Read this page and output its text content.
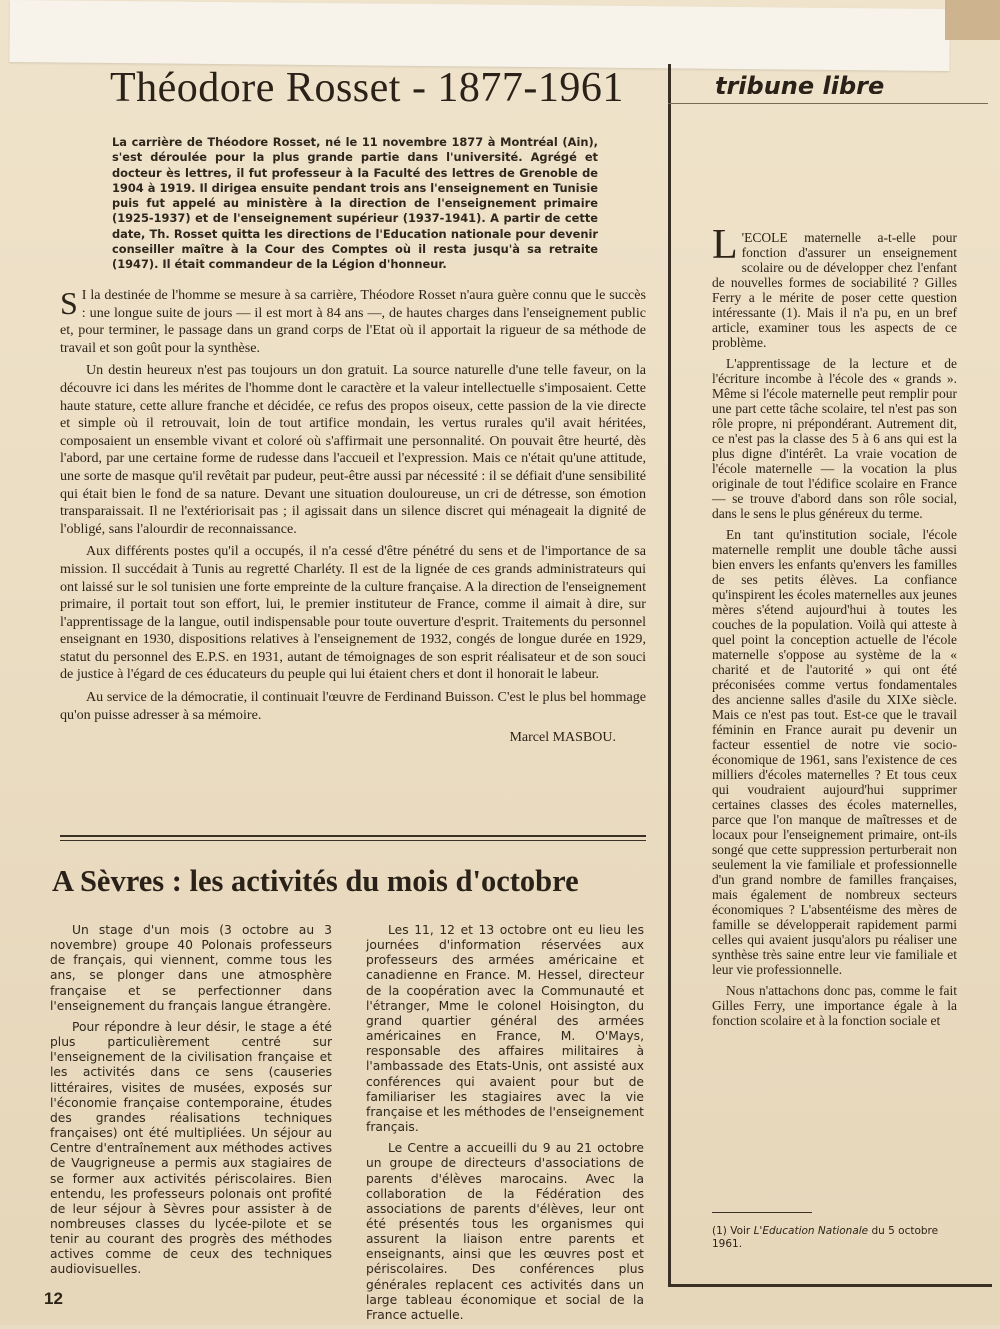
Théodore Rosset - 1877-1961	tribune libre

La carrière de Théodore Rosset, né le 11 novembre 1877 à Montréal (Ain), s'est déroulée pour la plus grande partie dans l'université. Agrégé et docteur ès lettres, il fut professeur à la Faculté des lettres de Grenoble de 1904 à 1919. Il dirigea ensuite pendant trois ans l'enseignement en Tunisie puis fut appelé au ministère à la direction de l'enseignement primaire (1925-1937) et de l'enseignement supérieur (1937-1941). A partir de cette date, Th. Rosset quitta les directions de l'Education nationale pour devenir conseiller maître à la Cour des Comptes où il resta jusqu'à sa retraite (1947). Il était commandeur de la Légion d'honneur.

S I la destinée de l'homme se mesure à sa carrière, Théodore Rosset n'aura guère connu que le succès : une longue suite de jours — il est mort à 84 ans —, de hautes charges dans l'enseignement public et, pour terminer, le passage dans un grand corps de l'Etat où il apportait la rigueur de sa méthode de travail et son goût pour la synthèse.

Un destin heureux n'est pas toujours un don gratuit. La source naturelle d'une telle faveur, on la découvre ici dans les mérites de l'homme dont le caractère et la valeur intellectuelle s'imposaient. Cette haute stature, cette allure franche et décidée, ce refus des propos oiseux, cette passion de la vie directe et simple où il retrouvait, loin de tout artifice mondain, les vertus rurales qu'il avait héritées, composaient un ensemble vivant et coloré où s'affirmait une personnalité. On pouvait être heurté, dès l'abord, par une certaine forme de rudesse dans l'accueil et l'expression. Mais ce n'était qu'une attitude, une sorte de masque qu'il revêtait par pudeur, peut-être aussi par nécessité : il se défiait d'une sensibilité qui était bien le fond de sa nature. Devant une situation douloureuse, un cri de détresse, son émotion transparaissait. Il ne l'extériorisait pas ; il agissait dans un silence discret qui ménageait la dignité de l'obligé, sans l'alourdir de reconnaissance.

Aux différents postes qu'il a occupés, il n'a cessé d'être pénétré du sens et de l'importance de sa mission. Il succédait à Tunis au regretté Charléty. Il est de la lignée de ces grands administrateurs qui ont laissé sur le sol tunisien une forte empreinte de la culture française. A la direction de l'enseignement primaire, il portait tout son effort, lui, le premier instituteur de France, comme il aimait à dire, sur l'apprentissage de la langue, outil indispensable pour toute ouverture d'esprit. Traitements du personnel enseignant en 1930, dispositions relatives à l'enseignement de 1932, congés de longue durée en 1929, statut du personnel des E.P.S. en 1931, autant de témoignages de son esprit réalisateur et de son souci de justice à l'égard de ces éducateurs du peuple qui lui étaient chers et dont il honorait le labeur.

Au service de la démocratie, il continuait l'œuvre de Ferdinand Buisson. C'est le plus bel hommage qu'on puisse adresser à sa mémoire.

Marcel MASBOU.
A Sèvres : les activités du mois d'octobre

Un stage d'un mois (3 octobre au 3 novembre) groupe 40 Polonais professeurs de français, qui viennent, comme tous les ans, se plonger dans une atmosphère française et se perfectionner dans l'enseignement du français langue étrangère.

Pour répondre à leur désir, le stage a été plus particulièrement centré sur l'enseignement de la civilisation française et les activités dans ce sens (causeries littéraires, visites de musées, exposés sur l'économie française contemporaine, études des grandes réalisations techniques françaises) ont été multipliées. Un séjour au Centre d'entraînement aux méthodes actives de Vaugrigneuse a permis aux stagiaires de se former aux activités périscolaires. Bien entendu, les professeurs polonais ont profité de leur séjour à Sèvres pour assister à de nombreuses classes du lycée-pilote et se tenir au courant des progrès des méthodes actives comme de ceux des techniques audiovisuelles.

Les 11, 12 et 13 octobre ont eu lieu les journées d'information réservées aux professeurs des armées américaine et canadienne en France. M. Hessel, directeur de la coopération avec la Communauté et l'étranger, Mme le colonel Hoisington, du grand quartier général des armées américaines en France, M. O'Mays, responsable des affaires militaires à l'ambassade des Etats-Unis, ont assisté aux conférences qui avaient pour but de familiariser les stagiaires avec la vie française et les méthodes de l'enseignement français.

Le Centre a accueilli du 9 au 21 octobre un groupe de directeurs d'associations de parents d'élèves marocains. Avec la collaboration de la Fédération des associations de parents d'élèves, leur ont été présentés tous les organismes qui assurent la liaison entre parents et enseignants, ainsi que les œuvres post et périscolaires. Des conférences plus générales replacent ces activités dans un large tableau économique et social de la France actuelle.

12

L 'ECOLE maternelle a-t-elle pour fonction d'assurer un enseignement scolaire ou de développer chez l'enfant de nouvelles formes de sociabilité ? Gilles Ferry a le mérite de poser cette question intéressante (1). Mais il n'a pu, en un bref article, examiner tous les aspects de ce problème.

L'apprentissage de la lecture et de l'écriture incombe à l'école des « grands ». Même si l'école maternelle peut remplir pour une part cette tâche scolaire, tel n'est pas son rôle propre, ni prépondérant. Autrement dit, ce n'est pas la classe des 5 à 6 ans qui est la plus digne d'intérêt. La vraie vocation de l'école maternelle — la vocation la plus originale de tout l'édifice scolaire en France — se trouve d'abord dans son rôle social, dans le sens le plus généreux du terme.

En tant qu'institution sociale, l'école maternelle remplit une double tâche aussi bien envers les enfants qu'envers les familles de ses petits élèves. La confiance qu'inspirent les écoles maternelles aux jeunes mères s'étend aujourd'hui à toutes les couches de la population. Voilà qui atteste à quel point la conception actuelle de l'école maternelle s'oppose au système de la « charité et de l'autorité » qui ont été préconisées comme vertus fondamentales des ancienne salles d'asile du XIXe siècle. Mais ce n'est pas tout. Est-ce que le travail féminin en France aurait pu devenir un facteur essentiel de notre vie socio-économique de 1961, sans l'existence de ces milliers d'écoles maternelles ? Et tous ceux qui voudraient aujourd'hui supprimer certaines classes des écoles maternelles, parce que l'on manque de maîtresses et de locaux pour l'enseignement primaire, ont-ils songé que cette suppression perturberait non seulement la vie familiale et professionnelle d'un grand nombre de familles françaises, mais également de nombreux secteurs économiques ? L'absentéisme des mères de famille se développerait rapidement parmi celles qui avaient jusqu'alors pu réaliser une synthèse très saine entre leur vie familiale et leur vie professionnelle.

Nous n'attachons donc pas, comme le fait Gilles Ferry, une importance égale à la fonction scolaire et à la fonction sociale et

(1) Voir L'Education Nationale du 5 octobre 1961.
